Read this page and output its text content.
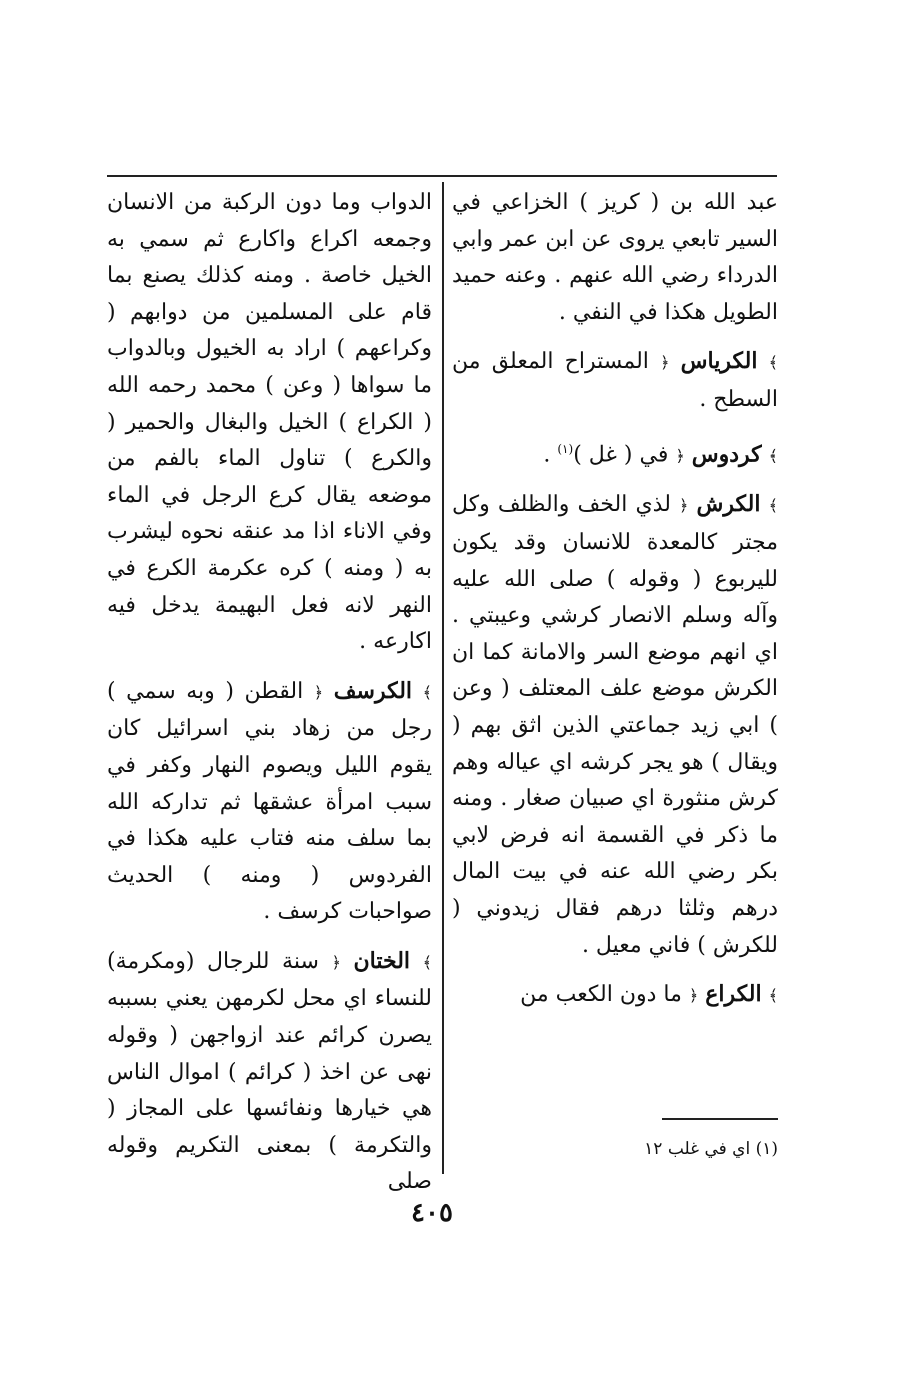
عبد الله بن ( كريز ) الخزاعي في السير تابعي يروى عن ابن عمر وابي الدرداء رضي الله عنهم . وعنه حميد الطويل هكذا في النفي .

﴾ الكرياس ﴿ المستراح المعلق من السطح .

﴾ كردوس ﴿ في ( غل )$^{(١)}$ .

﴾ الكرش ﴿ لذي الخف والظلف وكل مجتر كالمعدة للانسان وقد يكون لليربوع ( وقوله ) صلى الله عليه وآله وسلم الانصار كرشي وعيبتي . اي انهم موضع السر والامانة كما ان الكرش موضع علف المعتلف ( وعن ) ابي زيد جماعتي الذين اثق بهم ( ويقال ) هو يجر كرشه اي عياله وهم كرش منثورة اي صبيان صغار . ومنه ما ذكر في القسمة انه فرض لابي بكر رضي الله عنه في بيت المال درهم وثلثا درهم فقال زيدوني ( للكرش ) فاني معيل .

﴾ الكراع ﴿ ما دون الكعب من

الدواب وما دون الركبة من الانسان وجمعه اكراع واكارع ثم سمي به الخيل خاصة . ومنه كذلك يصنع بما قام على المسلمين من دوابهم ( وكراعهم ) اراد به الخيول وبالدواب ما سواها ( وعن ) محمد رحمه الله ( الكراع ) الخيل والبغال والحمير ( والكرع ) تناول الماء بالفم من موضعه يقال كرع الرجل في الماء وفي الاناء اذا مد عنقه نحوه ليشرب به ( ومنه ) كره عكرمة الكرع في النهر لانه فعل البهيمة يدخل فيه اكارعه .

﴾ الكرسف ﴿ القطن ( وبه سمي ) رجل من زهاد بني اسرائيل كان يقوم الليل ويصوم النهار وكفر في سبب امرأة عشقها ثم تداركه الله بما سلف منه فتاب عليه هكذا في الفردوس ( ومنه ) الحديث صواحبات كرسف .

﴾ الختان ﴿ سنة للرجال (ومكرمة) للنساء اي محل لكرمهن يعني بسببه يصرن كرائم عند ازواجهن ( وقوله نهى عن اخذ ( كرائم ) اموال الناس هي خيارها ونفائسها على المجاز ( والتكرمة ) بمعنى التكريم وقوله صلى

(١) اي في غلب ١٢
٤٠٥
